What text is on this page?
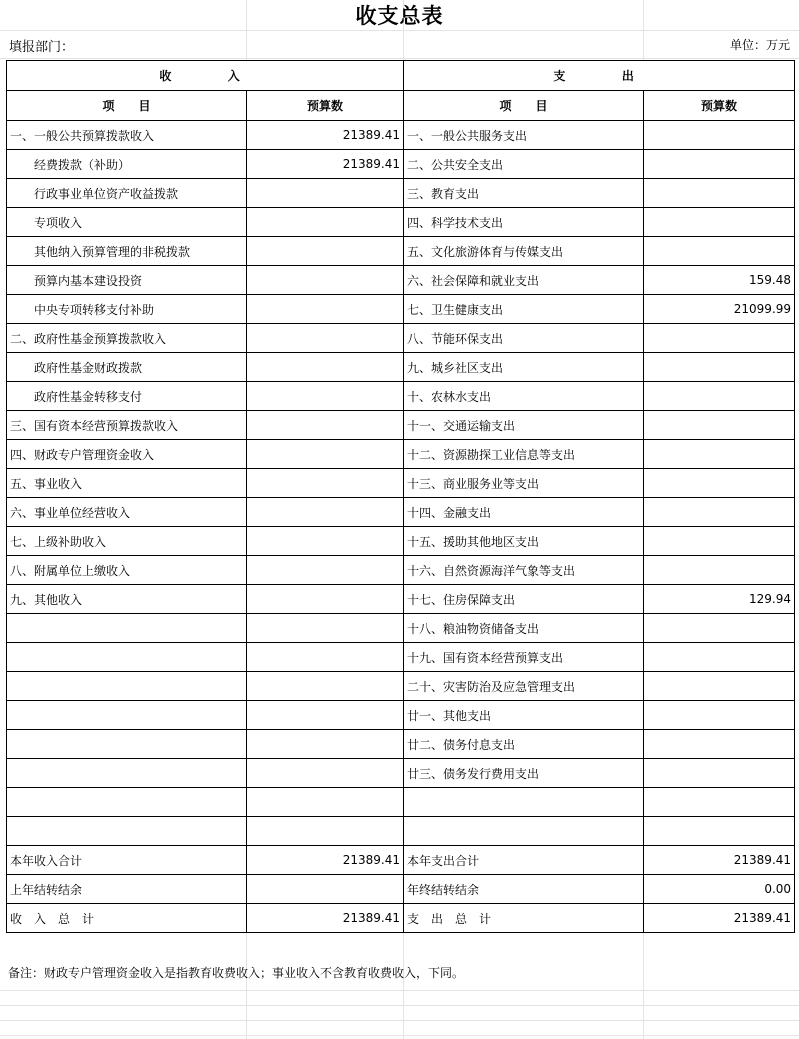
收支总表
填报部门：	单位：万元
收　　入		支　　出	
项　　目	预算数	项　　目	预算数
一、一般公共预算拨款收入	21389.41	一、一般公共服务支出	
经费拨款（补助）	21389.41	二、公共安全支出	
行政事业单位资产收益拨款		三、教育支出	
专项收入		四、科学技术支出	
其他纳入预算管理的非税拨款		五、文化旅游体育与传媒支出	
预算内基本建设投资		六、社会保障和就业支出	159.48
中央专项转移支付补助		七、卫生健康支出	21099.99
二、政府性基金预算拨款收入		八、节能环保支出	
政府性基金财政拨款		九、城乡社区支出	
政府性基金转移支付		十、农林水支出	
三、国有资本经营预算拨款收入		十一、交通运输支出	
四、财政专户管理资金收入		十二、资源勘探工业信息等支出	
五、事业收入		十三、商业服务业等支出	
六、事业单位经营收入		十四、金融支出	
七、上级补助收入		十五、援助其他地区支出	
八、附属单位上缴收入		十六、自然资源海洋气象等支出	
九、其他收入		十七、住房保障支出	129.94
		十八、粮油物资储备支出	
		十九、国有资本经营预算支出	
		二十、灾害防治及应急管理支出	
		廿一、其他支出	
		廿二、债务付息支出	
		廿三、债务发行费用支出	

本年收入合计	21389.41	本年支出合计	21389.41
上年结转结余		年终结转结余	0.00
收　入　总　计	21389.41	支　出　总　计	21389.41
备注：财政专户管理资金收入是指教育收费收入；事业收入不含教育收费收入，下同。
